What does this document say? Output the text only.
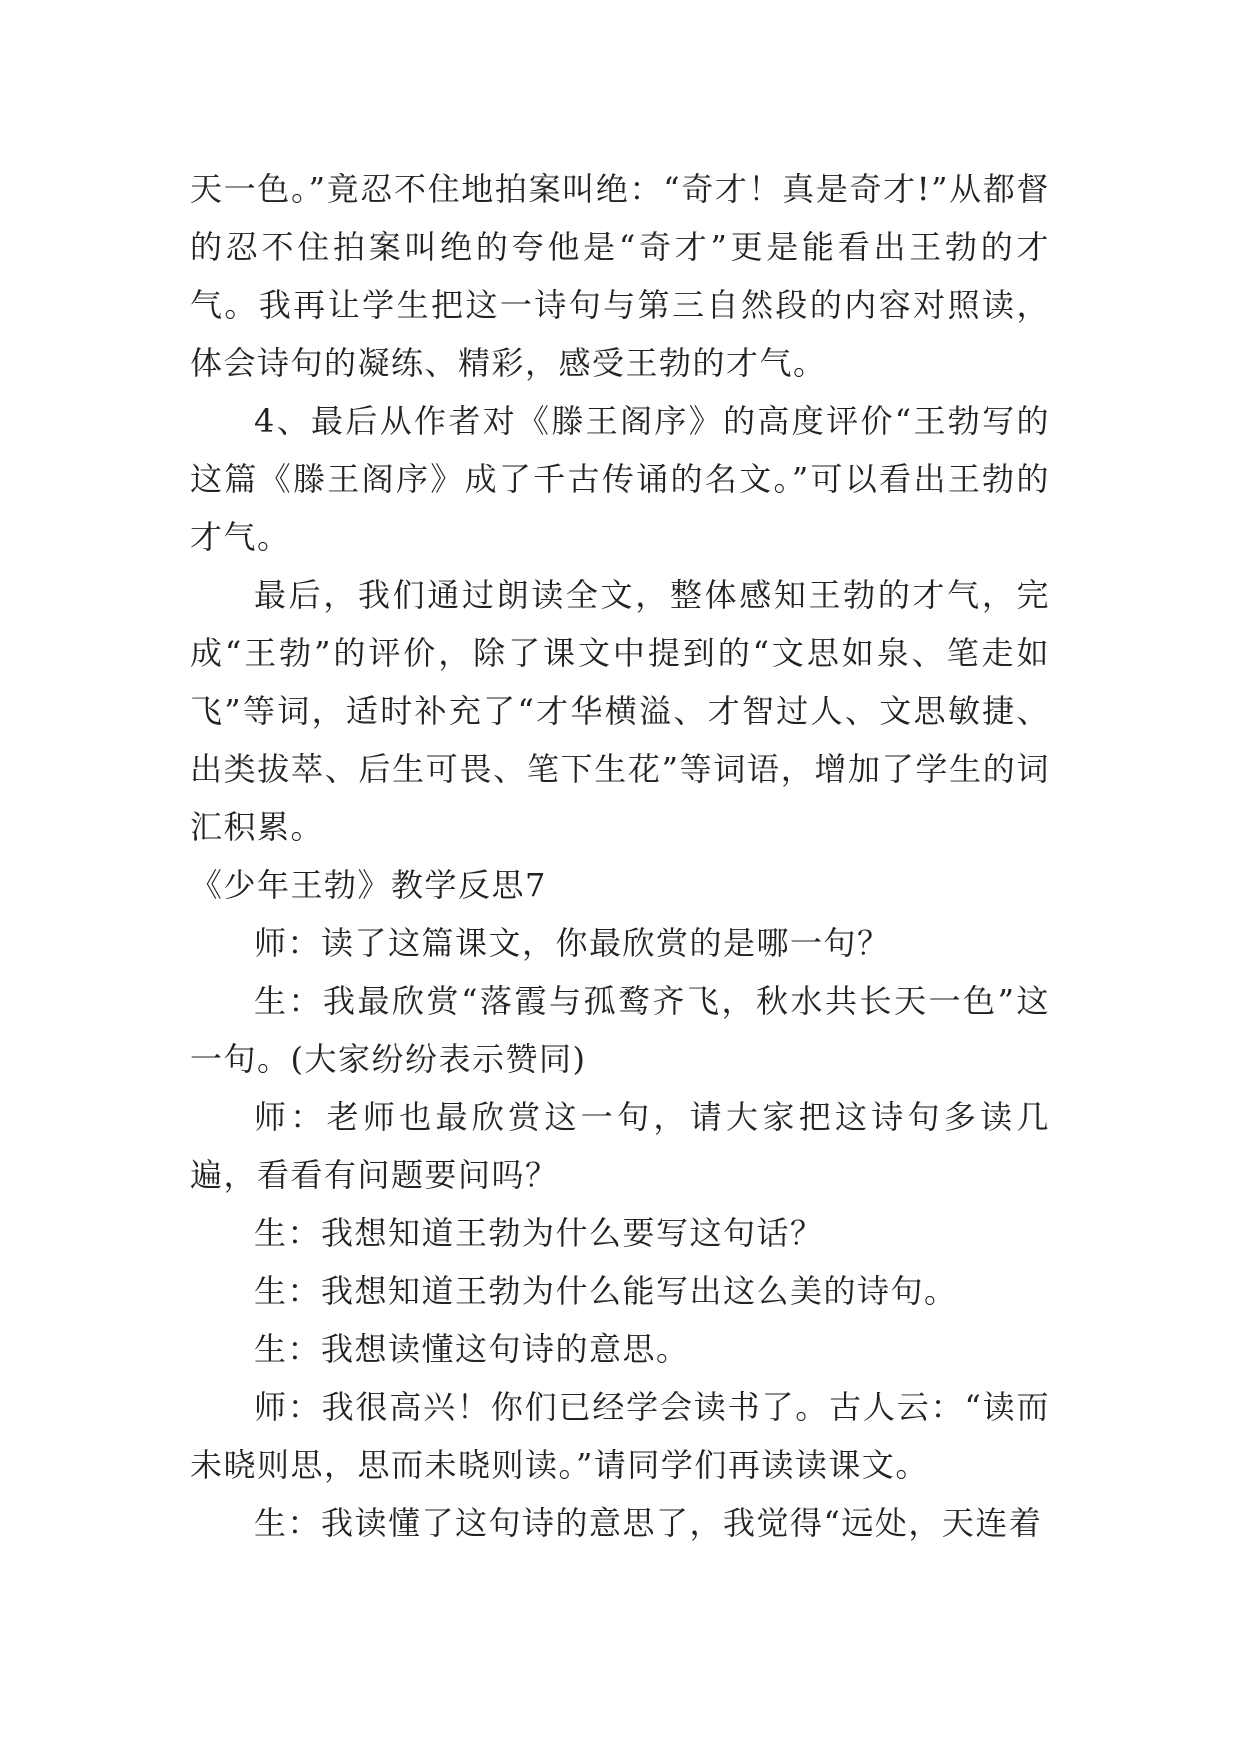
天一色。”竟忍不住地拍案叫绝：“奇才！真是奇才!”从都督的忍不住拍案叫绝的夸他是“奇才”更是能看出王勃的才气。我再让学生把这一诗句与第三自然段的内容对照读，体会诗句的凝练、精彩，感受王勃的才气。

4、最后从作者对《滕王阁序》的高度评价“王勃写的这篇《滕王阁序》成了千古传诵的名文。”可以看出王勃的才气。

最后，我们通过朗读全文，整体感知王勃的才气，完成“王勃”的评价，除了课文中提到的“文思如泉、笔走如飞”等词，适时补充了“才华横溢、才智过人、文思敏捷、出类拔萃、后生可畏、笔下生花”等词语，增加了学生的词汇积累。

《少年王勃》教学反思7

师：读了这篇课文，你最欣赏的是哪一句？

生：我最欣赏“落霞与孤鹜齐飞，秋水共长天一色”这一句。(大家纷纷表示赞同)

师：老师也最欣赏这一句，请大家把这诗句多读几遍，看看有问题要问吗？

生：我想知道王勃为什么要写这句话？

生：我想知道王勃为什么能写出这么美的诗句。

生：我想读懂这句诗的意思。

师：我很高兴！你们已经学会读书了。古人云：“读而未晓则思，思而未晓则读。”请同学们再读读课文。

生：我读懂了这句诗的意思了，我觉得“远处，天连着
